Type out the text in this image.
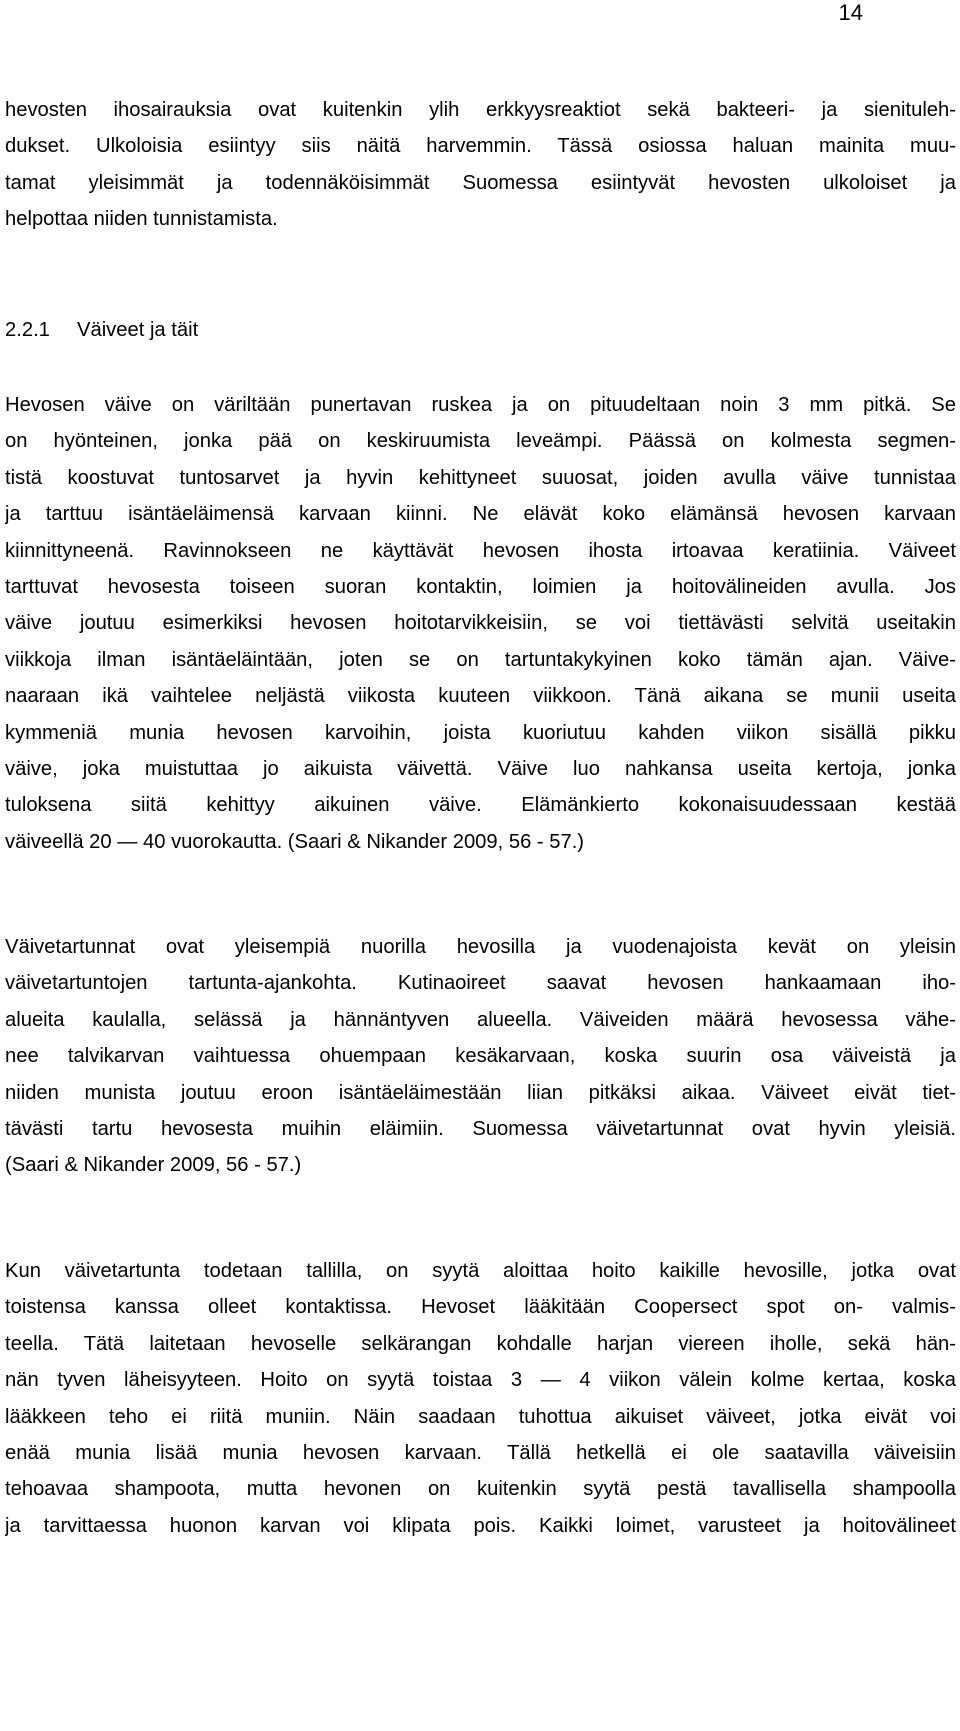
14
hevosten ihosairauksia ovat kuitenkin ylih erkkyysreaktiot sekä bakteeri- ja sienituleh-
dukset. Ulkoloisia esiintyy siis näitä harvemmin. Tässä osiossa haluan mainita muu-
tamat yleisimmät ja todennäköisimmät Suomessa esiintyvät hevosten ulkoloiset ja
helpottaa niiden tunnistamista.
2.2.1 Väiveet ja täit
Hevosen väive on väriltään punertavan ruskea ja on pituudeltaan noin 3 mm pitkä. Se
on hyönteinen, jonka pää on keskiruumista leveämpi. Päässä on kolmesta segmen-
tistä koostuvat tuntosarvet ja hyvin kehittyneet suuosat, joiden avulla väive tunnistaa
ja tarttuu isäntäeläimensä karvaan kiinni. Ne elävät koko elämänsä hevosen karvaan
kiinnittyneenä. Ravinnokseen ne käyttävät hevosen ihosta irtoavaa keratiinia. Väiveet
tarttuvat hevosesta toiseen suoran kontaktin, loimien ja hoitovälineiden avulla. Jos
väive joutuu esimerkiksi hevosen hoitotarvikkeisiin, se voi tiettävästi selvitä useitakin
viikkoja ilman isäntäeläintään, joten se on tartuntakykyinen koko tämän ajan. Väive-
naaraan ikä vaihtelee neljästä viikosta kuuteen viikkoon. Tänä aikana se munii useita
kymmeniä munia hevosen karvoihin, joista kuoriutuu kahden viikon sisällä pikku
väive, joka muistuttaa jo aikuista väivettä. Väive luo nahkansa useita kertoja, jonka
tuloksena siitä kehittyy aikuinen väive. Elämänkierto kokonaisuudessaan kestää
väiveellä 20 — 40 vuorokautta. (Saari & Nikander 2009, 56 - 57.)
Väivetartunnat ovat yleisempiä nuorilla hevosilla ja vuodenajoista kevät on yleisin
väivetartuntojen tartunta-ajankohta. Kutinaoireet saavat hevosen hankaamaan iho-
alueita kaulalla, selässä ja hännäntyven alueella. Väiveiden määrä hevosessa vähe-
nee talvikarvan vaihtuessa ohuempaan kesäkarvaan, koska suurin osa väiveistä ja
niiden munista joutuu eroon isäntäeläimestään liian pitkäksi aikaa. Väiveet eivät tiet-
tävästi tartu hevosesta muihin eläimiin. Suomessa väivetartunnat ovat hyvin yleisiä.
(Saari & Nikander 2009, 56 - 57.)
Kun väivetartunta todetaan tallilla, on syytä aloittaa hoito kaikille hevosille, jotka ovat
toistensa kanssa olleet kontaktissa. Hevoset lääkitään Coopersect spot on- valmis-
teella. Tätä laitetaan hevoselle selkärangan kohdalle harjan viereen iholle, sekä hän-
nän tyven läheisyyteen. Hoito on syytä toistaa 3 — 4 viikon välein kolme kertaa, koska
lääkkeen teho ei riitä muniin. Näin saadaan tuhottua aikuiset väiveet, jotka eivät voi
enää munia lisää munia hevosen karvaan. Tällä hetkellä ei ole saatavilla väiveisiin
tehoavaa shampoota, mutta hevonen on kuitenkin syytä pestä tavallisella shampoolla
ja tarvittaessa huonon karvan voi klipata pois. Kaikki loimet, varusteet ja hoitovälineet
